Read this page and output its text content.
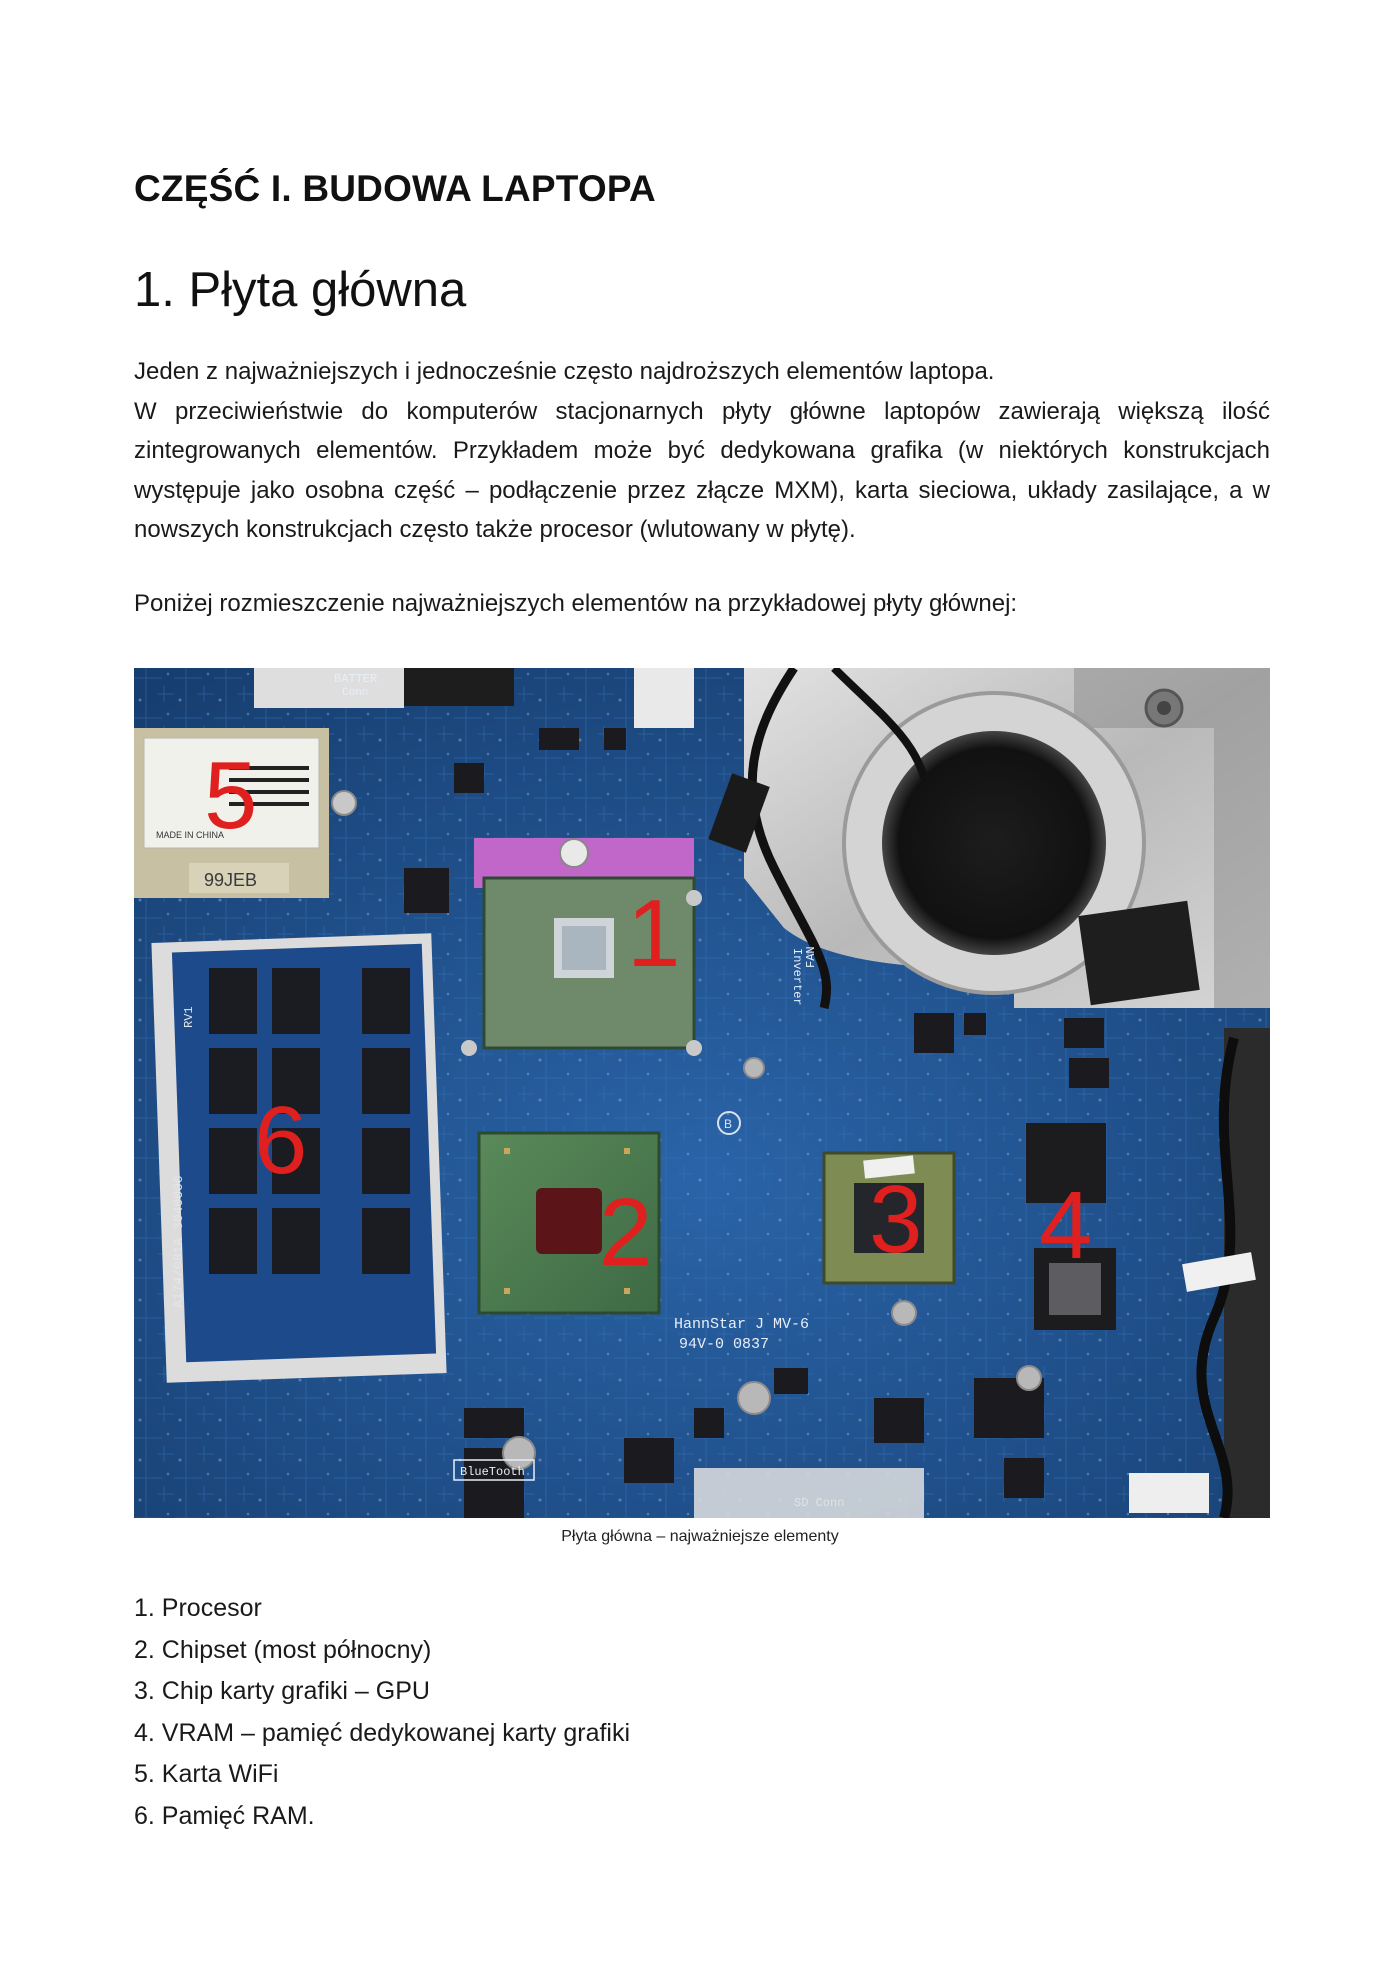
CZĘŚĆ I. BUDOWA LAPTOPA
1. Płyta główna

Jeden z najważniejszych i jednocześnie często najdroższych elementów laptopa.

W przeciwieństwie do komputerów stacjonarnych płyty główne laptopów zawierają większą ilość zintegrowanych elementów. Przykładem może być dedykowana grafika (w niektórych konstrukcjach występuje jako osobna część – podłączenie przez złącze MXM), karta sieciowa, układy zasilające, a w nowszych konstrukcjach często także procesor (wlutowany w płytę).

Poniżej rozmieszczenie najważniejszych elementów na przykładowej płyty głównej:

BATTER
Conn
MADE IN CHINA
99JEB
A174/081A 3040000
RV1
B
HannStar J MV-6
94V-0 0837
Inverter FAN
BlueTooth
1
2 3 4
5
6

Płyta główna – najważniejsze elementy

1. Procesor
2. Chipset (most północny)
3. Chip karty grafiki – GPU
4. VRAM – pamięć dedykowanej karty grafiki
5. Karta WiFi
6. Pamięć RAM.
